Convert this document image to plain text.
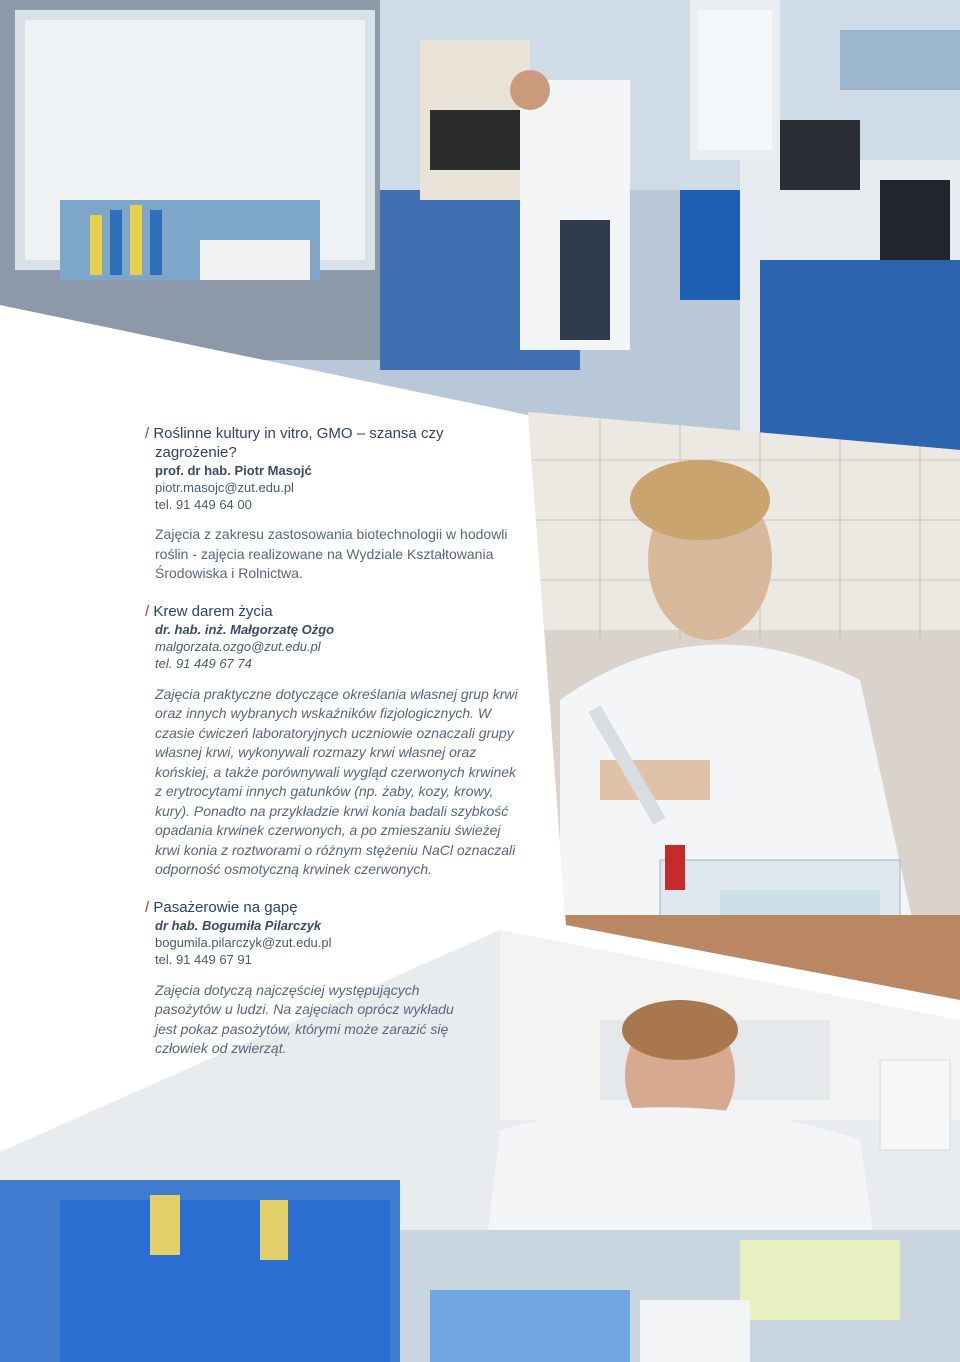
/ Roślinne kultury in vitro, GMO – szansa czy
zagrożenie?

prof. dr hab. Piotr Masojć

piotr.masojc@zut.edu.pl

tel. 91 449 64 00

Zajęcia z zakresu zastosowania biotechnologii w hodowli roślin - zajęcia realizowane na Wydziale Kształtowania Środowiska i Rolnictwa.

/ Krew darem życia

dr. hab. inż. Małgorzatę Ożgo

malgorzata.ozgo@zut.edu.pl

tel. 91 449 67 74

Zajęcia praktyczne dotyczące określania własnej grup krwi oraz innych wybranych wskaźników fizjologicznych. W czasie ćwiczeń laboratoryjnych uczniowie oznaczali grupy własnej krwi, wykonywali rozmazy krwi własnej oraz końskiej, a także porównywali wygląd czerwonych krwinek z erytrocytami innych gatunków (np. żaby, kozy, krowy, kury). Ponadto na przykładzie krwi konia badali szybkość opadania krwinek czerwonych, a po zmieszaniu świeżej krwi konia z roztworami o różnym stężeniu NaCl oznaczali odporność osmotyczną krwinek czerwonych.

/ Pasażerowie na gapę

dr hab. Bogumiła Pilarczyk

bogumila.pilarczyk@zut.edu.pl

tel. 91 449 67 91

Zajęcia dotyczą najczęściej występujących pasożytów u ludzi. Na zajęciach oprócz wykładu jest pokaz pasożytów, którymi może zarazić się człowiek od zwierząt.
